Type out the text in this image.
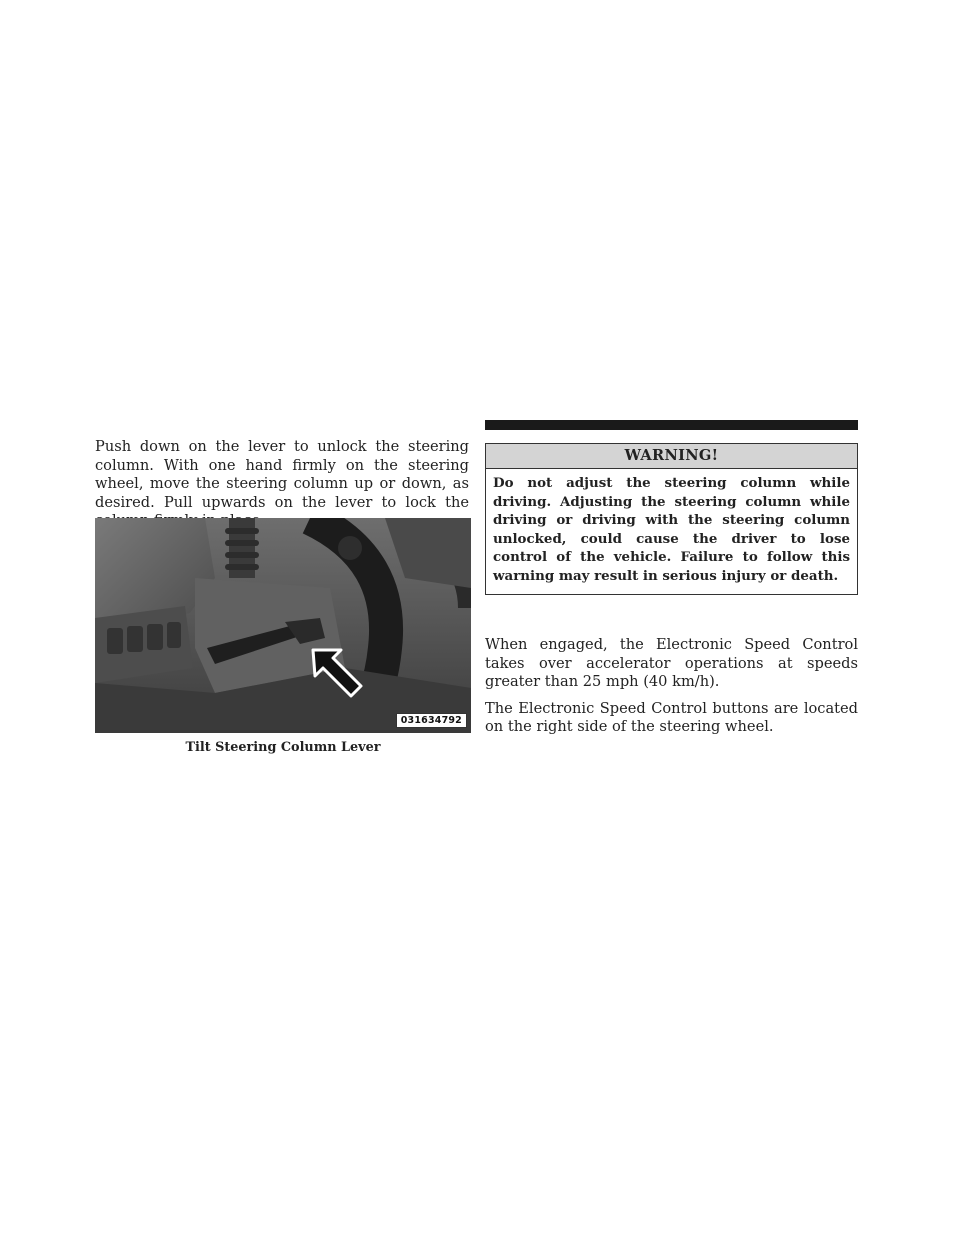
Push down on the lever to unlock the steering column. With one hand firmly on the steering wheel, move the steering column up or down, as desired. Pull upwards on the lever to lock the

031634792
Tilt Steering Column Lever
WARNING!
Do not adjust the steering column while driving. Adjusting the steering column while driving or driving with the steering column unlocked, could cause the driver to lose control of the vehicle. Failure to follow this warning may result in serious injury or death.

When engaged, the Electronic Speed Control takes over accelerator operations at speeds greater than 25 mph (40 km/h).

The Electronic Speed Control buttons are located on the right side of the steering wheel.
